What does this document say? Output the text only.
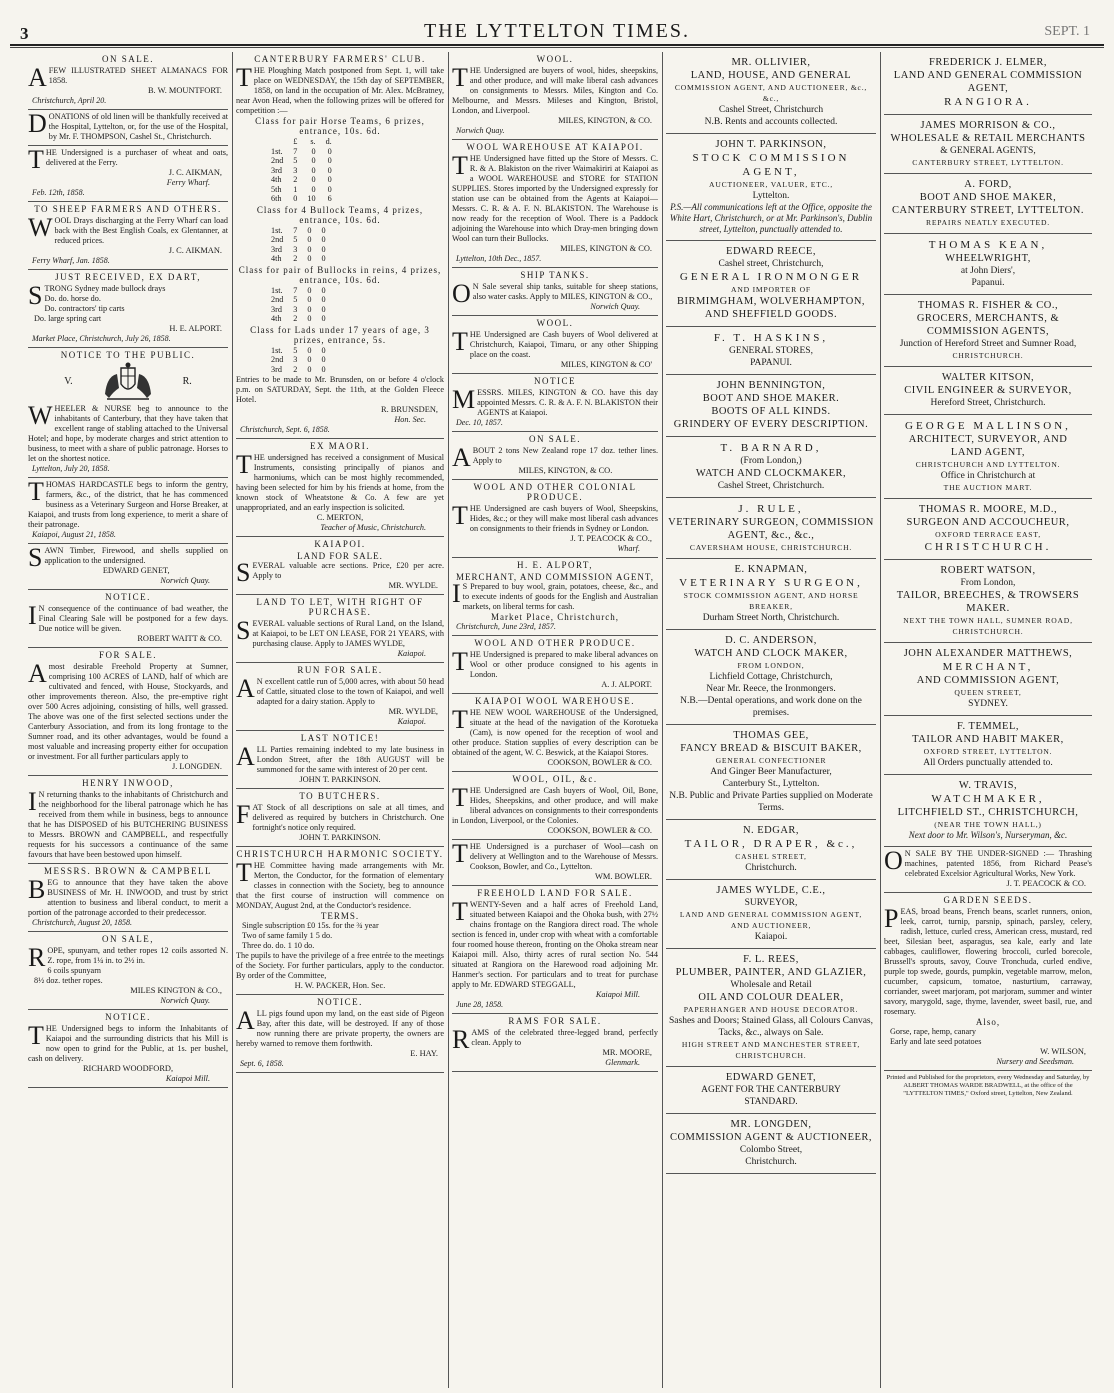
3	THE LYTTELTON TIMES.	SEPT. 1
ON SALE.
AFEW ILLUSTRATED SHEET ALMANACS FOR 1858.
B. W. MOUNTFORT.
Christchurch, April 20.
DONATIONS of old linen will be thankfully received at the Hospital, Lyttelton, or, for the use of the Hospital, by Mr. F. THOMPSON, Cashel St., Christchurch.
THE Undersigned is a purchaser of wheat and oats, delivered at the Ferry.
J. C. AIKMAN,
Ferry Wharf.
Feb. 12th, 1858.
TO SHEEP FARMERS AND OTHERS.
WOOL Drays discharging at the Ferry Wharf can load back with the Best English Coals, ex Glentanner, at reduced prices.
J. C. AIKMAN.
Ferry Wharf, Jan. 1858.
JUST RECEIVED, EX DART,
STRONG Sydney made bullock drays
Do. do. horse do.
Do. contractors' tip carts
Do. large spring cart
H. E. ALPORT.
Market Place, Christchurch, July 26, 1858.
NOTICE TO THE PUBLIC.
V.	R.
WHEELER & NURSE beg to announce to the inhabitants of Canterbury, that they have taken that excellent range of stabling attached to the Universal Hotel; and hope, by moderate charges and strict attention to business, to meet with a share of public patronage. Horses to let on the shortest notice.
Lyttelton, July 20, 1858.
THOMAS HARDCASTLE begs to inform the gentry, farmers, &c., of the district, that he has commenced business as a Veterinary Surgeon and Horse Breaker, at Kaiapoi, and trusts from long experience, to merit a share of their patronage.
Kaiapoi, August 21, 1858.
SAWN Timber, Firewood, and shells supplied on application to the undersigned.
EDWARD GENET,
Norwich Quay.
NOTICE.
I N consequence of the continuance of bad weather, the Final Clearing Sale will be postponed for a few days. Due notice will be given.
ROBERT WAITT & CO.
FOR SALE.
Amost desirable Freehold Property at Sumner, comprising 100 ACRES of LAND, half of which are cultivated and fenced, with House, Stockyards, and other improvements thereon. Also, the pre-emptive right over 500 Acres adjoining, consisting of hills, well grassed. The above was one of the first selected sections under the Canterbury Association, and from its long frontage to the Sumner road, and its other advantages, would be found a most valuable and increasing property either for occupation or investment. For all further particulars apply to
J. LONGDEN.
HENRY INWOOD,
I N returning thanks to the inhabitants of Christchurch and the neighborhood for the liberal patronage which he has received from them while in business, begs to announce that he has DISPOSED of his BUTCHERING BUSINESS to Messrs. BROWN and CAMPBELL, and respectfully requests for his successors a continuance of the same favours that have been bestowed upon himself.
MESSRS. BROWN & CAMPBELL
BEG to announce that they have taken the above BUSINESS of Mr. H. INWOOD, and trust by strict attention to business and liberal conduct, to merit a portion of the patronage accorded to their predecessor.
Christchurch, August 20, 1858.
ON SALE,
ROPE, spunyarn, and tether ropes 12 coils assorted N. Z. rope, from 1¼ in. to 2½ in.
6 coils spunyarn
8½ doz. tether ropes.
MILES KINGTON & CO.,
Norwich Quay.
NOTICE.
THE Undersigned begs to inform the Inhabitants of Kaiapoi and the surrounding districts that his Mill is now open to grind for the Public, at 1s. per bushel, cash on delivery.
RICHARD WOODFORD,
Kaiapoi Mill.
CANTERBURY FARMERS' CLUB.
THE Ploughing Match postponed from Sept. 1, will take place on WEDNESDAY, the 15th day of SEPTEMBER, 1858, on land in the occupation of Mr. Alex. McBratney, near Avon Head, when the following prizes will be offered for competition :—
Class for pair Horse Teams, 6 prizes, entrance, 10s. 6d.
	£	s.	d.
1st.	7	0	0
2nd	5	0	0
3rd	3	0	0
4th	2	0	0
5th	1	0	0
6th	0	10	6
Class for 4 Bullock Teams, 4 prizes, entrance, 10s. 6d.
1st.	7	0	0
2nd	5	0	0
3rd	3	0	0
4th	2	0	0
Class for pair of Bullocks in reins, 4 prizes, entrance, 10s. 6d.
1st.	7	0	0
2nd	5	0	0
3rd	3	0	0
4th	2	0	0
Class for Lads under 17 years of age, 3 prizes, entrance, 5s.
1st.	5	0	0
2nd	3	0	0
3rd	2	0	0
Entries to be made to Mr. Brunsden, on or before 4 o'clock p.m. on SATURDAY, Sept. the 11th, at the Golden Fleece Hotel.
R. BRUNSDEN,
Hon. Sec.
Christchurch, Sept. 6, 1858.
EX MAORI.
THE undersigned has received a consignment of Musical Instruments, consisting principally of pianos and harmoniums, which can be most highly recommended, having been selected for him by his friends at home, from the known stock of Wheatstone & Co. A few are yet unappropriated, and an early inspection is solicited.
C. MERTON,
Teacher of Music, Christchurch.
KAIAPOI.
LAND FOR SALE.
SEVERAL valuable acre sections. Price, £20 per acre. Apply to
MR. WYLDE.
LAND TO LET, WITH RIGHT OF PURCHASE.
SEVERAL valuable sections of Rural Land, on the Island, at Kaiapoi, to be LET ON LEASE, FOR 21 YEARS, with purchasing clause. Apply to JAMES WYLDE,
Kaiapoi.
RUN FOR SALE.
A N excellent cattle run of 5,000 acres, with about 50 head of Cattle, situated close to the town of Kaiapoi, and well adapted for a dairy station. Apply to
MR. WYLDE,
Kaiapoi.
LAST NOTICE!
ALL Parties remaining indebted to my late business in London Street, after the 18th AUGUST will be summoned for the same with interest of 20 per cent.
JOHN T. PARKINSON.
TO BUTCHERS.
FAT Stock of all descriptions on sale at all times, and delivered as required by butchers in Christchurch. One fortnight's notice only required.
JOHN T. PARKINSON.
CHRISTCHURCH HARMONIC SOCIETY.
THE Committee having made arrangements with Mr. Merton, the Conductor, for the formation of elementary classes in connection with the Society, beg to announce that the first course of instruction will commence on MONDAY, August 2nd, at the Conductor's residence.
TERMS.
Single subscription £0 15s. for the ¾ year
Two of same family 1 5 do.
Three do. do. 1 10 do.
The pupils to have the privilege of a free entrée to the meetings of the Society. For further particulars, apply to the conductor. By order of the Committee,
H. W. PACKER, Hon. Sec.
NOTICE.
ALL pigs found upon my land, on the east side of Pigeon Bay, after this date, will be destroyed. If any of those now running there are private property, the owners are hereby warned to remove them forthwith.
E. HAY.
Sept. 6, 1858.
WOOL.
THE Undersigned are buyers of wool, hides, sheepskins, and other produce, and will make liberal cash advances on consignments to Messrs. Miles, Kington and Co. Melbourne, and Messrs. Mileses and Kington, Bristol, London, and Liverpool.
MILES, KINGTON, & CO.
Norwich Quay.
WOOL WAREHOUSE AT KAIAPOI.
THE Undersigned have fitted up the Store of Messrs. C. R. & A. Blakiston on the river Waimakiriri at Kaiapoi as a WOOL WAREHOUSE and STORE for STATION SUPPLIES. Stores imported by the Undersigned expressly for station use can be obtained from the Agents at Kaiapoi—Messrs. C. R. & A. F. N. BLAKISTON. The Warehouse is now ready for the reception of Wool. There is a Paddock adjoining the Warehouse into which Dray-men bringing down Wool can turn their Bullocks.
MILES, KINGTON & CO.
Lyttelton, 10th Dec., 1857.
SHIP TANKS.
O N Sale several ship tanks, suitable for sheep stations, also water casks. Apply to MILES, KINGTON & CO.,
Norwich Quay.
WOOL.
THE Undersigned are Cash buyers of Wool delivered at Christchurch, Kaiapoi, Timaru, or any other Shipping place on the coast.
MILES, KINGTON & CO'
NOTICE
MESSRS. MILES, KINGTON & CO. have this day appointed Messrs. C. R. & A. F. N. BLAKISTON their AGENTS at Kaiapoi.
Dec. 10, 1857.
ON SALE.
ABOUT 2 tons New Zealand rope 17 doz. tether lines. Apply to
MILES, KINGTON, & CO.
WOOL AND OTHER COLONIAL PRODUCE.
THE Undersigned are cash buyers of Wool, Sheepskins, Hides, &c.; or they will make most liberal cash advances on consignments to their friends in Sydney or London.
J. T. PEACOCK & CO.,
Wharf.
H. E. ALPORT,
MERCHANT, AND COMMISSION AGENT,
I S Prepared to buy wool, grain, potatoes, cheese, &c., and to execute indents of goods for the English and Australian markets, on liberal terms for cash.
Market Place, Christchurch,
Christchurch, June 23rd, 1857.
WOOL AND OTHER PRODUCE.
THE Undersigned is prepared to make liberal advances on Wool or other produce consigned to his agents in London.
A. J. ALPORT.
KAIAPOI WOOL WAREHOUSE.
THE NEW WOOL WAREHOUSE of the Undersigned, situate at the head of the navigation of the Korotueka (Cam), is now opened for the reception of wool and other produce. Station supplies of every description can be obtained of the agent, W. C. Beswick, at the Kaiapoi Stores.
COOKSON, BOWLER & CO.
WOOL, OIL, &c.
THE Undersigned are Cash buyers of Wool, Oil, Bone, Hides, Sheepskins, and other produce, and will make liberal advances on consignments to their correspondents in London, Liverpool, or the Colonies.
COOKSON, BOWLER & CO.
THE Undersigned is a purchaser of Wool—cash on delivery at Wellington and to the Warehouse of Messrs. Cookson, Bowler, and Co., Lyttelton.
WM. BOWLER.
FREEHOLD LAND FOR SALE.
TWENTY-Seven and a half acres of Freehold Land, situated between Kaiapoi and the Ohoka bush, with 27½ chains frontage on the Rangiora direct road. The whole section is fenced in, under crop with wheat with a comfortable four roomed house thereon, fronting on the Ohoka stream near Kaiapoi mill. Also, thirty acres of rural section No. 544 situated at Rangiora on the Harewood road adjoining Mr. Hanmer's section. For particulars and to treat for purchase apply to Mr. EDWARD STEGGALL,
Kaiapoi Mill.
June 28, 1858.
RAMS FOR SALE.
RAMS of the celebrated three-legged brand, perfectly clean. Apply to
MR. MOORE,
Glenmark.
MR. OLLIVIER,
LAND, HOUSE, AND GENERAL
COMMISSION AGENT, AND AUCTIONEER, &c., &c.,
Cashel Street, Christchurch
N.B. Rents and accounts collected.
JOHN T. PARKINSON,
STOCK COMMISSION AGENT,
AUCTIONEER, VALUER, ETC.,
Lyttelton.
P.S.—All communications left at the Office, opposite the White Hart, Christchurch, or at Mr. Parkinson's, Dublin street, Lyttelton, punctually attended to.
EDWARD REECE,
Cashel street, Christchurch,
GENERAL IRONMONGER
AND IMPORTER OF
BIRMIMGHAM, WOLVERHAMPTON,
AND SHEFFIELD GOODS.
F. T. HASKINS,
GENERAL STORES,
PAPANUI.
JOHN BENNINGTON,
BOOT AND SHOE MAKER.
BOOTS OF ALL KINDS.
GRINDERY OF EVERY DESCRIPTION.
T. BARNARD,
(From London,)
WATCH AND CLOCKMAKER,
Cashel Street, Christchurch.
J. RULE,
VETERINARY SURGEON, COMMISSION
AGENT, &c., &c.,
CAVERSHAM HOUSE, CHRISTCHURCH.
E. KNAPMAN,
VETERINARY SURGEON,
STOCK COMMISSION AGENT, AND HORSE
BREAKER,
Durham Street North, Christchurch.
D. C. ANDERSON,
WATCH AND CLOCK MAKER,
FROM LONDON,
Lichfield Cottage, Christchurch,
Near Mr. Reece, the Ironmongers.
N.B.—Dental operations, and work done on the premises.
THOMAS GEE,
FANCY BREAD & BISCUIT BAKER,
GENERAL CONFECTIONER
And Ginger Beer Manufacturer,
Canterbury St., Lyttelton.
N.B. Public and Private Parties supplied on Moderate Terms.
N. EDGAR,
TAILOR, DRAPER, &c.,
CASHEL STREET,
Christchurch.
JAMES WYLDE, C.E.,
SURVEYOR,
LAND AND GENERAL COMMISSION AGENT,
AND AUCTIONEER,
Kaiapoi.
F. L. REES,
PLUMBER, PAINTER, AND GLAZIER,
Wholesale and Retail
OIL AND COLOUR DEALER,
PAPERHANGER AND HOUSE DECORATOR.
Sashes and Doors; Stained Glass, all Colours Canvas, Tacks, &c., always on Sale.
HIGH STREET AND MANCHESTER STREET, CHRISTCHURCH.
EDWARD GENET,
AGENT FOR THE CANTERBURY
STANDARD.
MR. LONGDEN,
COMMISSION AGENT & AUCTIONEER,
Colombo Street,
Christchurch.
FREDERICK J. ELMER,
LAND AND GENERAL COMMISSION AGENT,
RANGIORA.
JAMES MORRISON & CO.,
WHOLESALE & RETAIL MERCHANTS
& GENERAL AGENTS,
CANTERBURY STREET, LYTTELTON.
A. FORD,
BOOT AND SHOE MAKER,
CANTERBURY STREET, LYTTELTON.
REPAIRS NEATLY EXECUTED.
THOMAS KEAN,
WHEELWRIGHT,
at John Diers',
Papanui.
THOMAS R. FISHER & CO.,
GROCERS, MERCHANTS, & COMMISSION AGENTS,
Junction of Hereford Street and Sumner Road,
CHRISTCHURCH.
WALTER KITSON,
CIVIL ENGINEER & SURVEYOR,
Hereford Street, Christchurch.
GEORGE MALLINSON,
ARCHITECT, SURVEYOR, AND
LAND AGENT,
CHRISTCHURCH AND LYTTELTON.
Office in Christchurch at
THE AUCTION MART.
THOMAS R. MOORE, M.D.,
SURGEON AND ACCOUCHEUR,
OXFORD TERRACE EAST,
CHRISTCHURCH.
ROBERT WATSON,
From London,
TAILOR, BREECHES, & TROWSERS MAKER.
NEXT THE TOWN HALL, SUMNER ROAD,
CHRISTCHURCH.
JOHN ALEXANDER MATTHEWS,
MERCHANT,
AND COMMISSION AGENT,
QUEEN STREET,
SYDNEY.
F. TEMMEL,
TAILOR AND HABIT MAKER,
OXFORD STREET, LYTTELTON.
All Orders punctually attended to.
W. TRAVIS,
WATCHMAKER,
LITCHFIELD ST., CHRISTCHURCH,
(NEAR THE TOWN HALL,)
Next door to Mr. Wilson's, Nurseryman, &c.
O N SALE BY THE UNDER-SIGNED :— Thrashing machines, patented 1856, from Richard Pease's celebrated Excelsior Agricultural Works, New York.
J. T. PEACOCK & CO.
GARDEN SEEDS.
PEAS, broad beans, French beans, scarlet runners, onion, leek, carrot, turnip, parsnip, spinach, parsley, celery, radish, lettuce, curled cress, American cress, mustard, red beet, Silesian beet, asparagus, sea kale, early and late cabbages, cauliflower, flowering broccoli, curled borecole, Brussell's sprouts, savoy, Couve Tronchuda, curled endive, purple top swede, gourds, pumpkin, vegetable marrow, melon, cucumber, capsicum, tomatoe, nasturtium, carraway, corriander, sweet marjoram, pot marjoram, summer and winter savory, marygold, sage, thyme, lavender, sweet basil, rue, and rosemary.
Also,
Gorse, rape, hemp, canary
Early and late seed potatoes
W. WILSON,
Nursery and Seedsman.
Printed and Published for the proprietors, every Wednesday and Saturday, by ALBERT THOMAS WARDE BRADWELL, at the office of the "LYTTELTON TIMES," Oxford street, Lyttelton, New Zealand.
